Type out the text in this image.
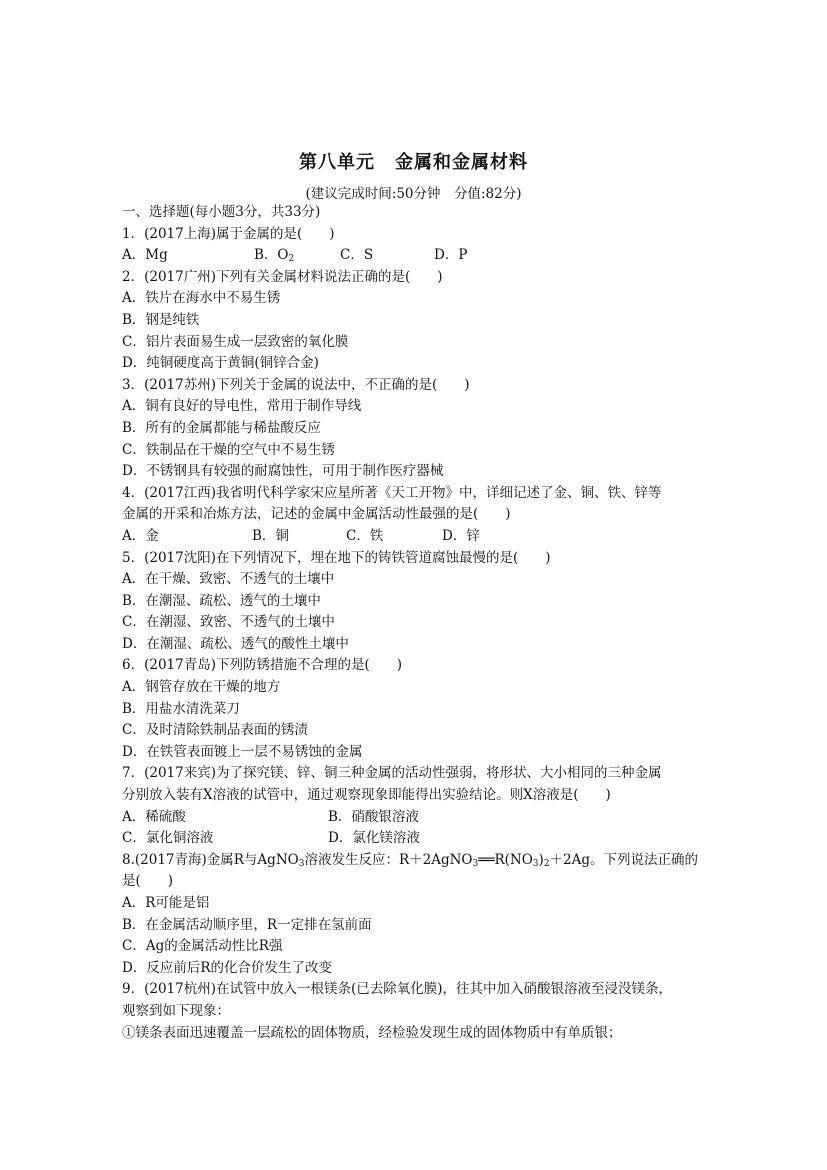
第八单元 金属和金属材料
(建议完成时间:50分钟　分值:82分)
一、选择题(每小题3分，共33分)
1．(2017上海)属于金属的是(　　)
A．Mg	B．$O_2$	C．S	D．P
2．(2017广州)下列有关金属材料说法正确的是(　　)
A．铁片在海水中不易生锈
B．钢是纯铁
C．铝片表面易生成一层致密的氧化膜
D．纯铜硬度高于黄铜(铜锌合金)
3．(2017苏州)下列关于金属的说法中，不正确的是(　　)
A．铜有良好的导电性，常用于制作导线
B．所有的金属都能与稀盐酸反应
C．铁制品在干燥的空气中不易生锈
D．不锈钢具有较强的耐腐蚀性，可用于制作医疗器械
4．(2017江西)我省明代科学家宋应星所著《天工开物》中，详细记述了金、铜、铁、锌等
金属的开采和冶炼方法，记述的金属中金属活动性最强的是(　　)
A．金	B．铜	C．铁	D．锌
5．(2017沈阳)在下列情况下，埋在地下的铸铁管道腐蚀最慢的是(　　)
A．在干燥、致密、不透气的土壤中
B．在潮湿、疏松、透气的土壤中
C．在潮湿、致密、不透气的土壤中
D．在潮湿、疏松、透气的酸性土壤中
6．(2017青岛)下列防锈措施不合理的是(　　)
A．钢管存放在干燥的地方
B．用盐水清洗菜刀
C．及时清除铁制品表面的锈渍
D．在铁管表面镀上一层不易锈蚀的金属
7．(2017来宾)为了探究镁、锌、铜三种金属的活动性强弱，将形状、大小相同的三种金属
分别放入装有X溶液的试管中，通过观察现象即能得出实验结论。则X溶液是(　　)
A．稀硫酸	B．硝酸银溶液
C．氯化铜溶液	D．氯化镁溶液
8.(2017青海)金属R与AgNO$_3$溶液发生反应：$R+2AgNO_3══R(NO_3)_2+2Ag$。下列说法正确的
是(　　)
A．R可能是铝
B．在金属活动顺序里，R一定排在氢前面
C．Ag的金属活动性比R强
D．反应前后R的化合价发生了改变
9．(2017杭州)在试管中放入一根镁条(已去除氧化膜)，往其中加入硝酸银溶液至浸没镁条，
观察到如下现象：
①镁条表面迅速覆盖一层疏松的固体物质，经检验发现生成的固体物质中有单质银；
